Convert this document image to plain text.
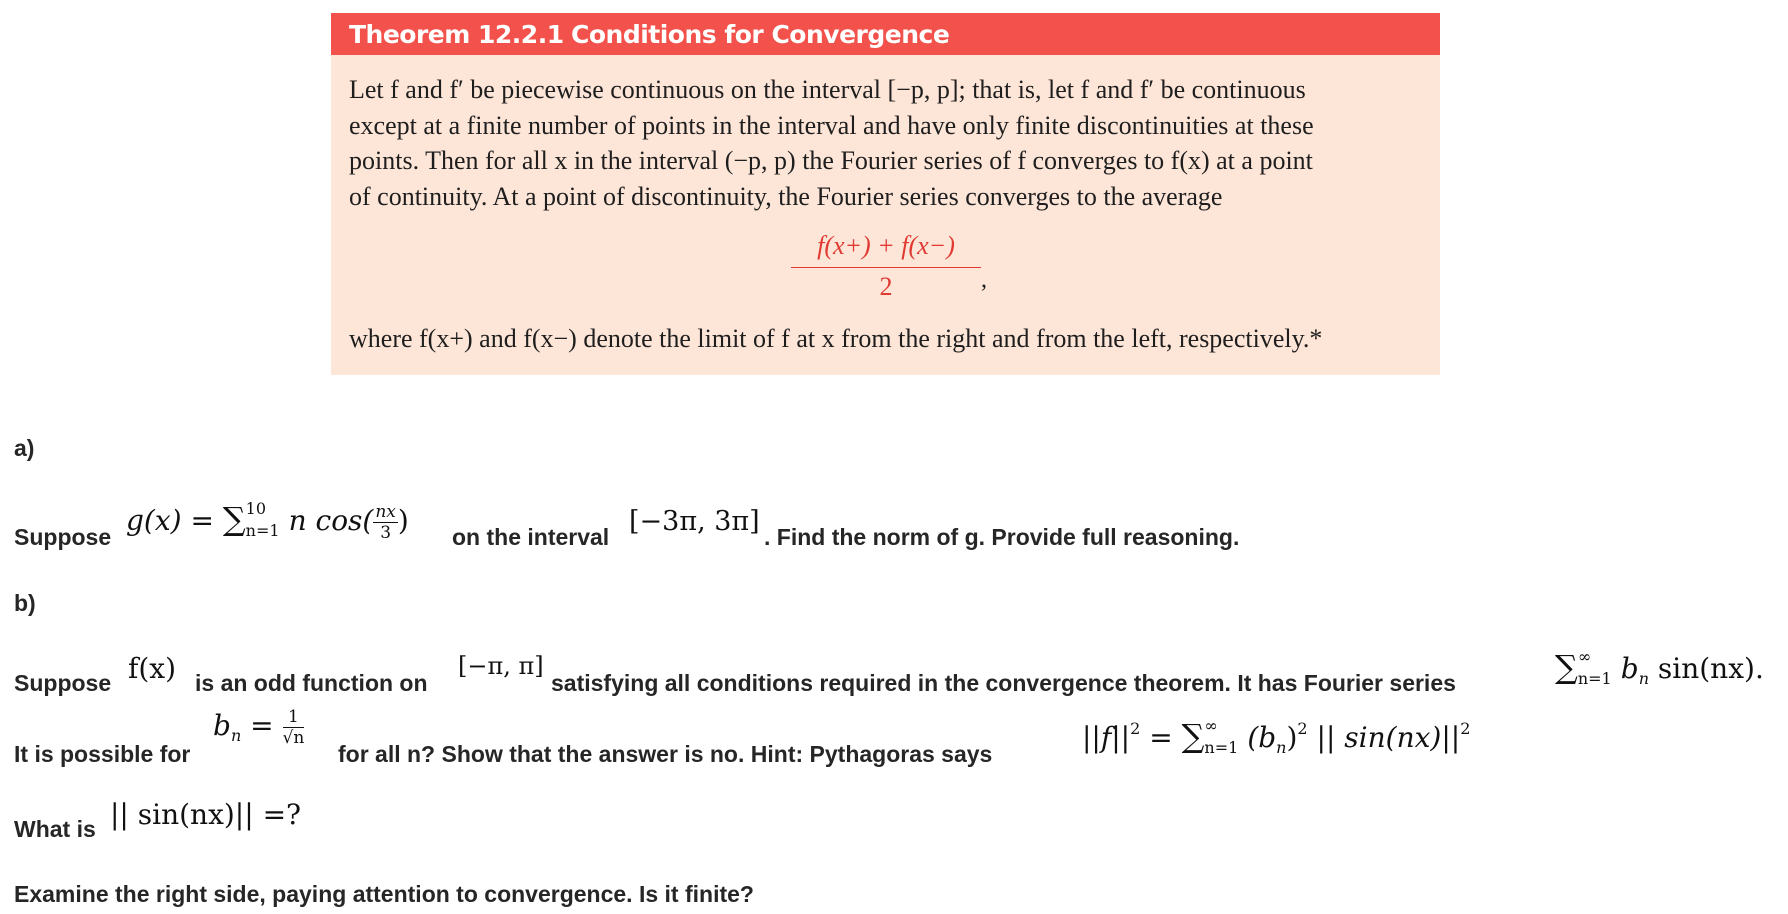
Theorem 12.2.1 Conditions for Convergence
Let f and f′ be piecewise continuous on the interval [−p, p]; that is, let f and f′ be continuous
except at a finite number of points in the interval and have only finite discontinuities at these
points. Then for all x in the interval (−p, p) the Fourier series of f converges to f(x) at a point
of continuity. At a point of discontinuity, the Fourier series converges to the average
$\frac{f(x+) + f(x-)}{2}$ ,
where f(x+) and f(x−) denote the limit of f at x from the right and from the left, respectively.*
a)
Suppose g(x) = ∑ 10
n=1 n $\cos( \frac{nx}{3}$ ) on the interval [−3π, 3π] . Find the norm of g. Provide full reasoning.
b)
Suppose f(x) is an odd function on
[−π, π]
satisfying all conditions required in the convergence theorem. It has Fourier series	∑ ∞
n=1 $b_n$ sin(nx).
It is possible for
$b_n = \frac{1}{√n}$
for all n? Show that the answer is no. Hint: Pythagoras says	$||f||^2$ = ∑ ∞
n=1 $(b_n)^2$ || $\sin(nx)||^2$
What is || sin(nx)|| =?
Examine the right side, paying attention to convergence. Is it finite?
